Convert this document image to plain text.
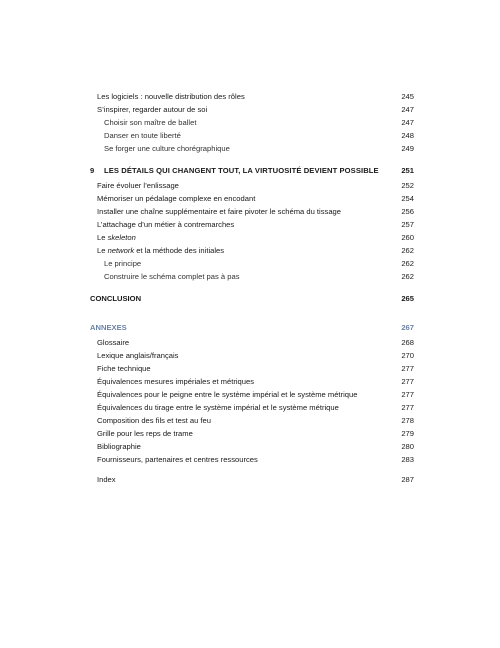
Les logiciels : nouvelle distribution des rôles	245
S’inspirer, regarder autour de soi	247
Choisir son maître de ballet	247
Danser en toute liberté	248
Se forger une culture chorégraphique	249
9 LES DÉTAILS QUI CHANGENT TOUT, LA VIRTUOSITÉ DEVIENT POSSIBLE	251
Faire évoluer l’enlissage	252
Mémoriser un pédalage complexe en encodant	254
Installer une chaîne supplémentaire et faire pivoter le schéma du tissage	256
L’attachage d’un métier à contremarches	257
Le skeleton	260
Le network et la méthode des initiales	262
Le principe	262
Construire le schéma complet pas à pas	262
CONCLUSION	265
ANNEXES	267
Glossaire	268
Lexique anglais/français	270
Fiche technique	277
Équivalences mesures impériales et métriques	277
Équivalences pour le peigne entre le système impérial et le système métrique	277
Équivalences du tirage entre le système impérial et le système métrique	277
Composition des fils et test au feu	278
Grille pour les reps de trame	279
Bibliographie	280
Fournisseurs, partenaires et centres ressources	283
Index	287
